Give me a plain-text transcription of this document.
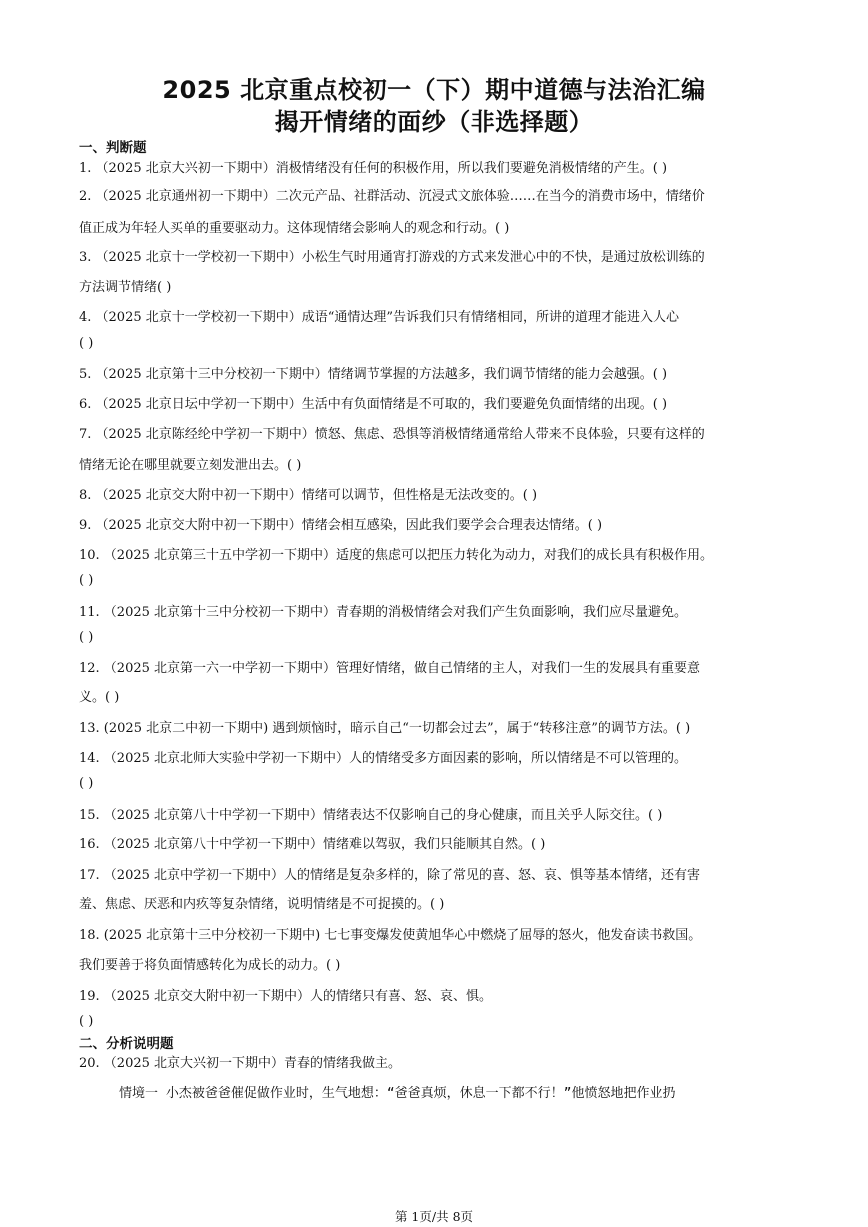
2025 北京重点校初一（下）期中道德与法治汇编
揭开情绪的面纱（非选择题）
一、判断题
1. （2025 北京大兴初一下期中）消极情绪没有任何的积极作用，所以我们要避免消极情绪的产生。( )
2. （2025 北京通州初一下期中）二次元产品、社群活动、沉浸式文旅体验……在当今的消费市场中，情绪价
值正成为年轻人买单的重要驱动力。这体现情绪会影响人的观念和行动。( )
3. （2025 北京十一学校初一下期中）小松生气时用通宵打游戏的方式来发泄心中的不快，是通过放松训练的
方法调节情绪( )
4. （2025 北京十一学校初一下期中）成语“通情达理”告诉我们只有情绪相同，所讲的道理才能进入人心
( )
5. （2025 北京第十三中分校初一下期中）情绪调节掌握的方法越多，我们调节情绪的能力会越强。( )
6. （2025 北京日坛中学初一下期中）生活中有负面情绪是不可取的，我们要避免负面情绪的出现。( )
7. （2025 北京陈经纶中学初一下期中）愤怒、焦虑、恐惧等消极情绪通常给人带来不良体验，只要有这样的
情绪无论在哪里就要立刻发泄出去。( )
8. （2025 北京交大附中初一下期中）情绪可以调节，但性格是无法改变的。( )
9. （2025 北京交大附中初一下期中）情绪会相互感染，因此我们要学会合理表达情绪。( )
10. （2025 北京第三十五中学初一下期中）适度的焦虑可以把压力转化为动力，对我们的成长具有积极作用。
( )
11. （2025 北京第十三中分校初一下期中）青春期的消极情绪会对我们产生负面影响，我们应尽量避免。
( )
12. （2025 北京第一六一中学初一下期中）管理好情绪，做自己情绪的主人，对我们一生的发展具有重要意
义。( )
13. (2025 北京二中初一下期中) 遇到烦恼时，暗示自己“一切都会过去”，属于“转移注意”的调节方法。( )
14. （2025 北京北师大实验中学初一下期中）人的情绪受多方面因素的影响，所以情绪是不可以管理的。
( )
15. （2025 北京第八十中学初一下期中）情绪表达不仅影响自己的身心健康，而且关乎人际交往。( )
16. （2025 北京第八十中学初一下期中）情绪难以驾驭，我们只能顺其自然。( )
17. （2025 北京中学初一下期中）人的情绪是复杂多样的，除了常见的喜、怒、哀、惧等基本情绪，还有害
羞、焦虑、厌恶和内疚等复杂情绪，说明情绪是不可捉摸的。( )
18. (2025 北京第十三中分校初一下期中) 七七事变爆发使黄旭华心中燃烧了屈辱的怒火，他发奋读书救国。
我们要善于将负面情感转化为成长的动力。( )
19. （2025 北京交大附中初一下期中）人的情绪只有喜、怒、哀、惧。
( )
二、分析说明题
20. （2025 北京大兴初一下期中）青春的情绪我做主。
情境一 小杰被爸爸催促做作业时，生气地想：“爸爸真烦，休息一下都不行！”他愤怒地把作业扔
第 1页/共 8页
